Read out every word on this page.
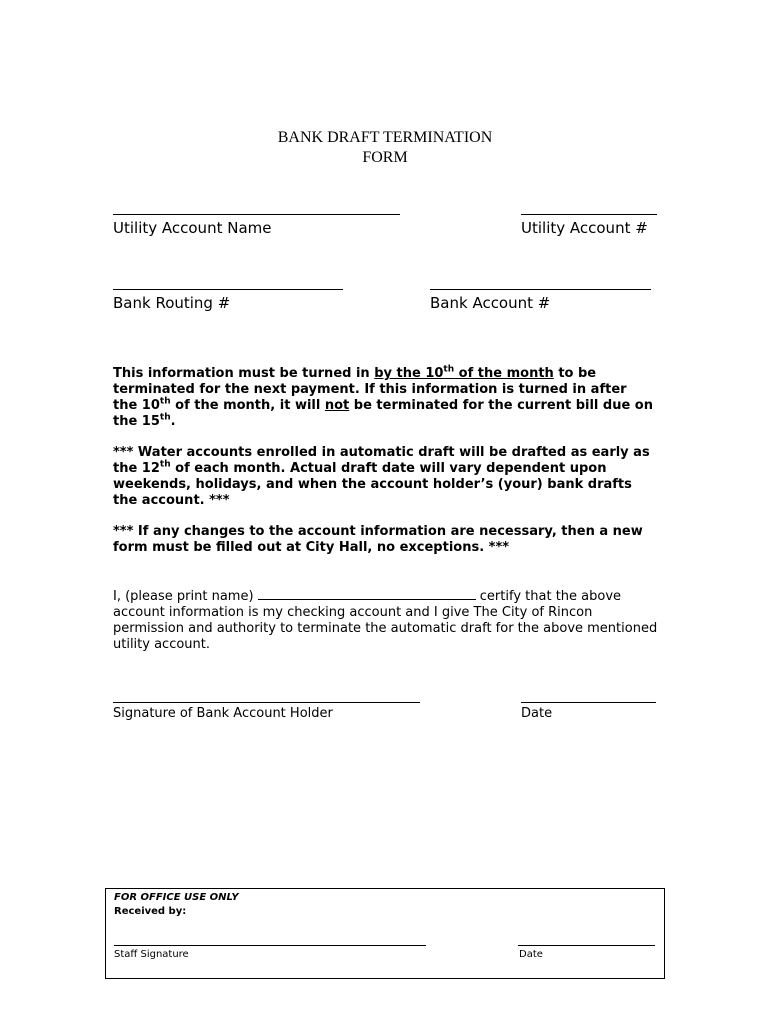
BANK DRAFT TERMINATION
FORM
Utility Account Name	Utility Account #
Bank Routing #	Bank Account #
This information must be turned in by the 10th of the month to be terminated for the next payment. If this information is turned in after the 10th of the month, it will not be terminated for the current bill due on the 15th.
*** Water accounts enrolled in automatic draft will be drafted as early as the 12th of each month. Actual draft date will vary dependent upon weekends, holidays, and when the account holder’s (your) bank drafts the account. ***
*** If any changes to the account information are necessary, then a new form must be filled out at City Hall, no exceptions. ***
I, (please print name)	certify that the above account information is my checking account and I give The City of Rincon permission and authority to terminate the automatic draft for the above mentioned utility account.
Signature of Bank Account Holder	Date
FOR OFFICE USE ONLY
Received by:
Staff Signature	Date
